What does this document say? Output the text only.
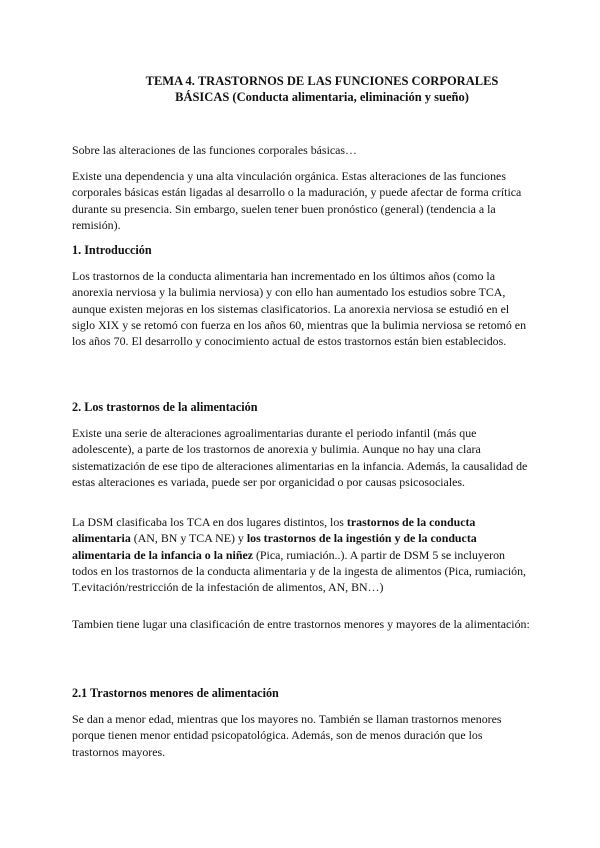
TEMA 4. TRASTORNOS DE LAS FUNCIONES CORPORALES
BÁSICAS (Conducta alimentaria, eliminación y sueño)

Sobre las alteraciones de las funciones corporales básicas…

Existe una dependencia y una alta vinculación orgánica. Estas alteraciones de las funciones corporales básicas están ligadas al desarrollo o la maduración, y puede afectar de forma crítica durante su presencia. Sin embargo, suelen tener buen pronóstico (general) (tendencia a la remisión).

1. Introducción

Los trastornos de la conducta alimentaria han incrementado en los últimos años (como la anorexia nerviosa y la bulimia nerviosa) y con ello han aumentado los estudios sobre TCA, aunque existen mejoras en los sistemas clasificatorios. La anorexia nerviosa se estudió en el siglo XIX y se retomó con fuerza en los años 60, mientras que la bulimia nerviosa se retomó en los años 70. El desarrollo y conocimiento actual de estos trastornos están bien establecidos.

2. Los trastornos de la alimentación

Existe una serie de alteraciones agroalimentarias durante el periodo infantil (más que adolescente), a parte de los trastornos de anorexia y bulimia. Aunque no hay una clara sistematización de ese tipo de alteraciones alimentarias en la infancia. Además, la causalidad de estas alteraciones es variada, puede ser por organicidad o por causas psicosociales.

La DSM clasificaba los TCA en dos lugares distintos, los trastornos de la conducta alimentaria (AN, BN y TCA NE) y los trastornos de la ingestión y de la conducta alimentaria de la infancia o la niñez (Pica, rumiación..). A partir de DSM 5 se incluyeron todos en los trastornos de la conducta alimentaria y de la ingesta de alimentos (Pica, rumiación, T.evitación/restricción de la infestación de alimentos, AN, BN…)

Tambien tiene lugar una clasificación de entre trastornos menores y mayores de la alimentación:

2.1 Trastornos menores de alimentación

Se dan a menor edad, mientras que los mayores no. También se llaman trastornos menores porque tienen menor entidad psicopatológica. Además, son de menos duración que los trastornos mayores.
